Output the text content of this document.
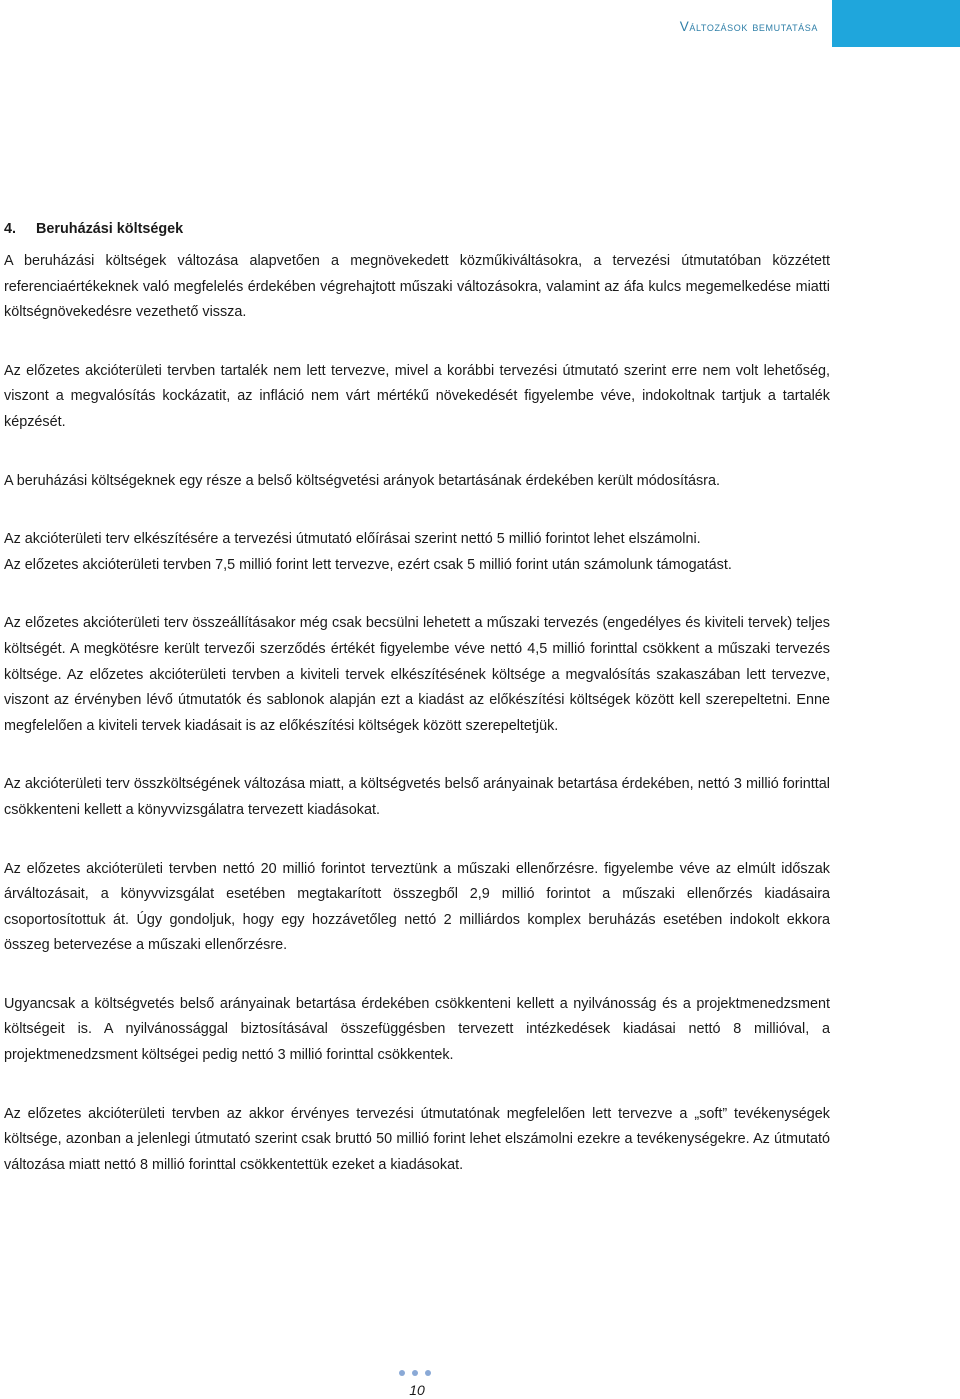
Változások bemutatása
4. Beruházási költségek

A beruházási költségek változása alapvetően a megnövekedett közműkiváltásokra, a tervezési útmutatóban közzétett referenciaértékeknek való megfelelés érdekében végrehajtott műszaki változásokra, valamint az áfa kulcs megemelkedése miatti költségnövekedésre vezethető vissza.

Az előzetes akcióterületi tervben tartalék nem lett tervezve, mivel a korábbi tervezési útmutató szerint erre nem volt lehetőség, viszont a megvalósítás kockázatit, az infláció nem várt mértékű növekedését figyelembe véve, indokoltnak tartjuk a tartalék képzését.

A beruházási költségeknek egy része a belső költségvetési arányok betartásának érdekében került módosításra.

Az akcióterületi terv elkészítésére a tervezési útmutató előírásai szerint nettó 5 millió forintot lehet elszámolni.

Az előzetes akcióterületi tervben 7,5 millió forint lett tervezve, ezért csak 5 millió forint után számolunk támogatást.

Az előzetes akcióterületi terv összeállításakor még csak becsülni lehetett a műszaki tervezés (engedélyes és kiviteli tervek) teljes költségét. A megkötésre került tervezői szerződés értékét figyelembe véve nettó 4,5 millió forinttal csökkent a műszaki tervezés költsége. Az előzetes akcióterületi tervben a kiviteli tervek elkészítésének költsége a megvalósítás szakaszában lett tervezve, viszont az érvényben lévő útmutatók és sablonok alapján ezt a kiadást az előkészítési költségek között kell szerepeltetni. Enne megfelelően a kiviteli tervek kiadásait is az előkészítési költségek között szerepeltetjük.

Az akcióterületi terv összköltségének változása miatt, a költségvetés belső arányainak betartása érdekében, nettó 3 millió forinttal csökkenteni kellett a könyvvizsgálatra tervezett kiadásokat.

Az előzetes akcióterületi tervben nettó 20 millió forintot terveztünk a műszaki ellenőrzésre. figyelembe véve az elmúlt időszak árváltozásait, a könyvvizsgálat esetében megtakarított összegből 2,9 millió forintot a műszaki ellenőrzés kiadásaira csoportosítottuk át. Úgy gondoljuk, hogy egy hozzávetőleg nettó 2 milliárdos komplex beruházás esetében indokolt ekkora összeg betervezése a műszaki ellenőrzésre.

Ugyancsak a költségvetés belső arányainak betartása érdekében csökkenteni kellett a nyilvánosság és a projektmenedzsment költségeit is. A nyilvánossággal biztosításával összefüggésben tervezett intézkedések kiadásai nettó 8 millióval, a projektmenedzsment költségei pedig nettó 3 millió forinttal csökkentek.

Az előzetes akcióterületi tervben az akkor érvényes tervezési útmutatónak megfelelően lett tervezve a „soft” tevékenységek költsége, azonban a jelenlegi útmutató szerint csak bruttó 50 millió forint lehet elszámolni ezekre a tevékenységekre. Az útmutató változása miatt nettó 8 millió forinttal csökkentettük ezeket a kiadásokat.

10
